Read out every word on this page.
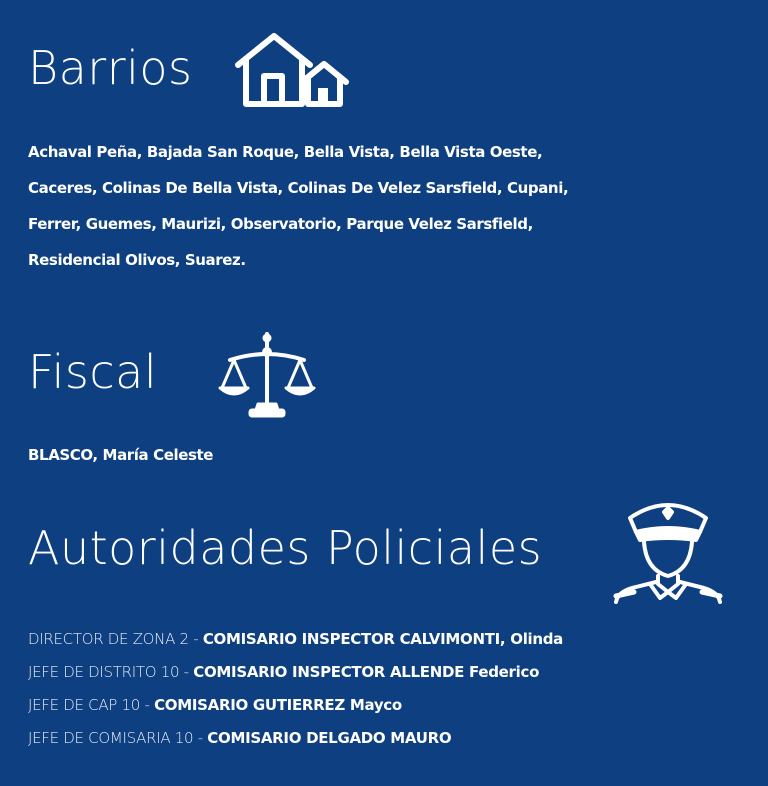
Barrios

Achaval Peña, Bajada San Roque, Bella Vista, Bella Vista Oeste, Caceres, Colinas De Bella Vista, Colinas De Velez Sarsfield, Cupani, Ferrer, Guemes, Maurizi, Observatorio, Parque Velez Sarsfield, Residencial Olivos, Suarez.

Fiscal

BLASCO, María Celeste

Autoridades Policiales
DIRECTOR DE ZONA 2 - COMISARIO INSPECTOR CALVIMONTI, Olinda
JEFE DE DISTRITO 10 - COMISARIO INSPECTOR ALLENDE Federico
JEFE DE CAP 10 - COMISARIO GUTIERREZ Mayco
JEFE DE COMISARIA 10 - COMISARIO DELGADO MAURO
